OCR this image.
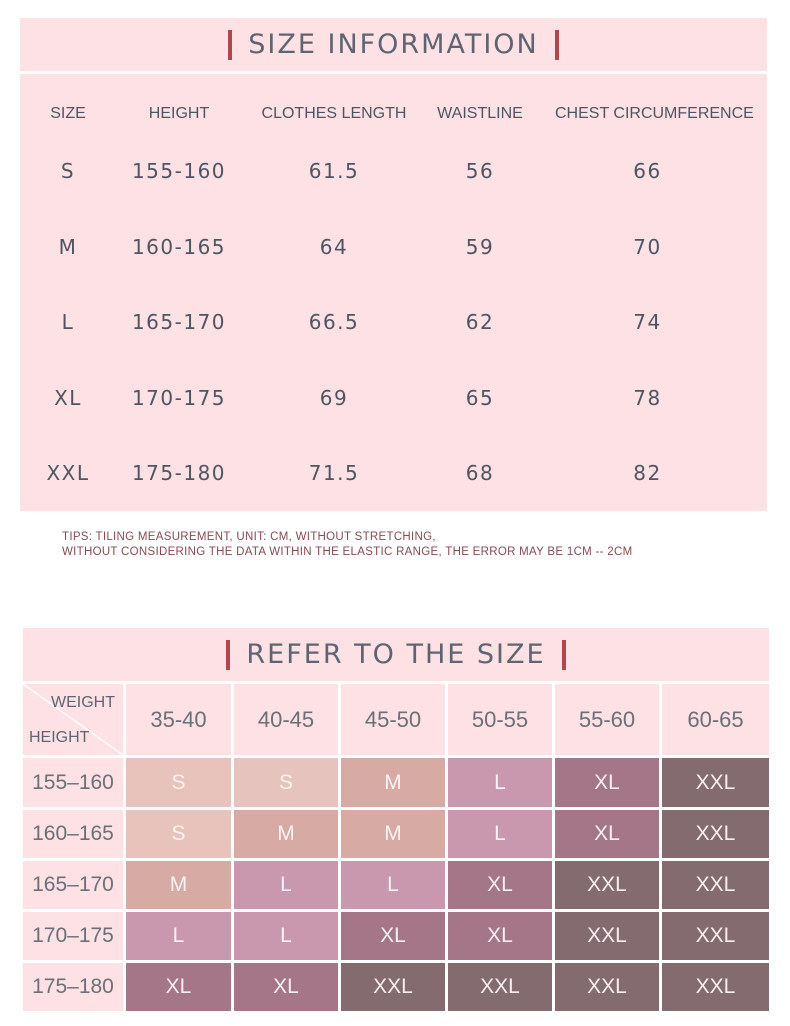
SIZE INFORMATION
SIZE	HEIGHT	CLOTHES LENGTH	WAISTLINE	CHEST CIRCUMFERENCE
S	155-160	61.5	56	66
M	160-165	64	59	70
L	165-170	66.5	62	74
XL	170-175	69	65	78
XXL	175-180	71.5	68	82
TIPS: TILING MEASUREMENT, UNIT: CM, WITHOUT STRETCHING,
WITHOUT CONSIDERING THE DATA WITHIN THE ELASTIC RANGE, THE ERROR MAY BE 1CM -- 2CM
REFER TO THE SIZE
WEIGHT
HEIGHT
35-40	40-45	45-50	50-55	55-60	60-65
155–160	S	S	M	L	XL	XXL
160–165	S	M	M	L	XL	XXL
165–170	M	L	L	XL	XXL	XXL
170–175	L	L	XL	XL	XXL	XXL
175–180	XL	XL	XXL	XXL	XXL	XXL
